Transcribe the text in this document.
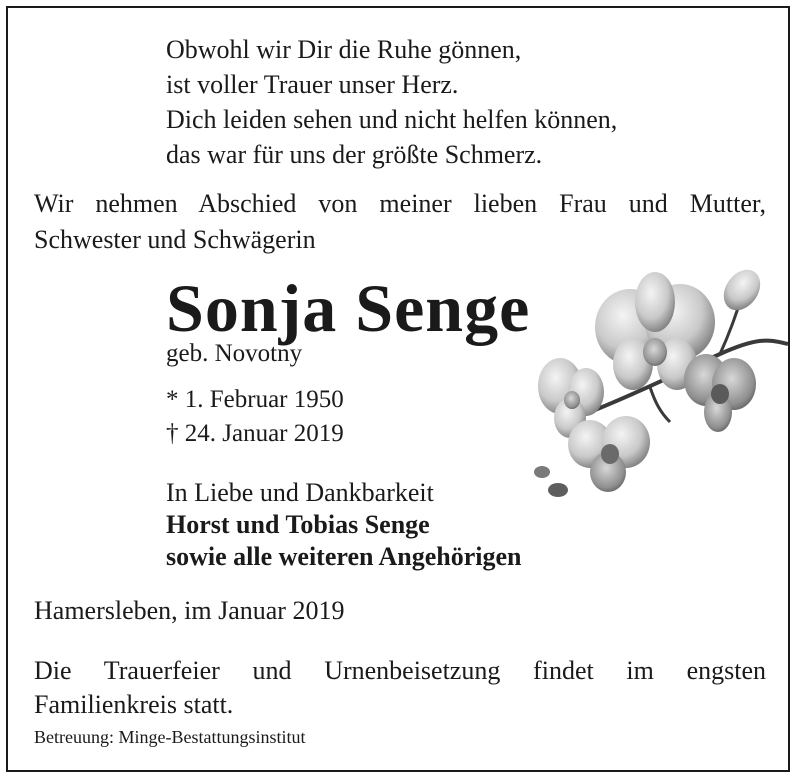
Obwohl wir Dir die Ruhe gönnen,
ist voller Trauer unser Herz.
Dich leiden sehen und nicht helfen können,
das war für uns der größte Schmerz.
Wir nehmen Abschied von meiner lieben Frau und Mutter,
Schwester und Schwägerin
Sonja Senge
geb. Novotny
* 1. Februar 1950
† 24. Januar 2019
In Liebe und Dankbarkeit
Horst und Tobias Senge
sowie alle weiteren Angehörigen
Hamersleben, im Januar 2019
Die Trauerfeier und Urnenbeisetzung findet im engsten
Familienkreis statt.
Betreuung: Minge-Bestattungsinstitut
